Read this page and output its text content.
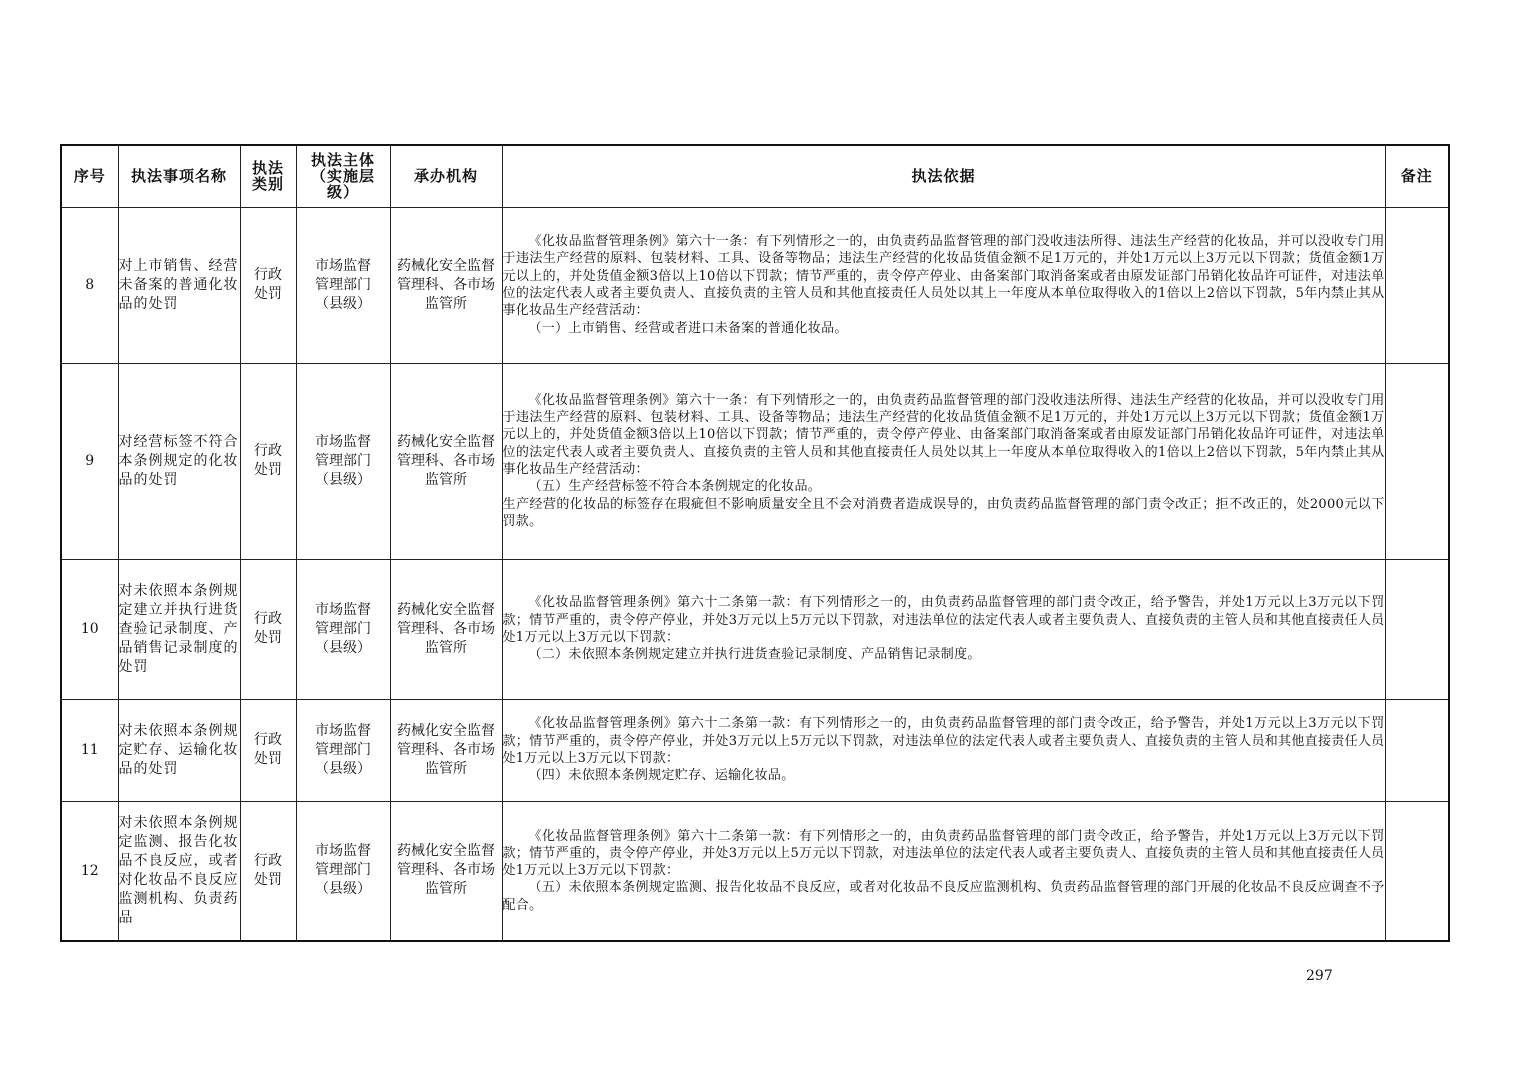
序号	执法事项名称	执法类别	执法主体（实施层级）	承办机构	执法依据	备注
8	对上市销售、经营未备案的普通化妆品的处罚	行政处罚	市场监督管理部门（县级）	药械化安全监督管理科、各市场监管所	《化妆品监督管理条例》第六十一条：有下列情形之一的，由负责药品监督管理的部门没收违法所得、违法生产经营的化妆品，并可以没收专门用于违法生产经营的原料、包装材料、工具、设备等物品；违法生产经营的化妆品货值金额不足1万元的，并处1万元以上3万元以下罚款；货值金额1万元以上的，并处货值金额3倍以上10倍以下罚款；情节严重的，责令停产停业、由备案部门取消备案或者由原发证部门吊销化妆品许可证件，对违法单位的法定代表人或者主要负责人、直接负责的主管人员和其他直接责任人员处以其上一年度从本单位取得收入的1倍以上2倍以下罚款，5年内禁止其从事化妆品生产经营活动：

（一）上市销售、经营或者进口未备案的普通化妆品。	

9	对经营标签不符合本条例规定的化妆品的处罚	行政处罚	市场监督管理部门（县级）	药械化安全监督管理科、各市场监管所	《化妆品监督管理条例》第六十一条：有下列情形之一的，由负责药品监督管理的部门没收违法所得、违法生产经营的化妆品，并可以没收专门用于违法生产经营的原料、包装材料、工具、设备等物品；违法生产经营的化妆品货值金额不足1万元的，并处1万元以上3万元以下罚款；货值金额1万元以上的，并处货值金额3倍以上10倍以下罚款；情节严重的，责令停产停业、由备案部门取消备案或者由原发证部门吊销化妆品许可证件，对违法单位的法定代表人或者主要负责人、直接负责的主管人员和其他直接责任人员处以其上一年度从本单位取得收入的1倍以上2倍以下罚款，5年内禁止其从事化妆品生产经营活动：

（五）生产经营标签不符合本条例规定的化妆品。

生产经营的化妆品的标签存在瑕疵但不影响质量安全且不会对消费者造成误导的，由负责药品监督管理的部门责令改正；拒不改正的，处2000元以下罚款。	

10	对未依照本条例规定建立并执行进货查验记录制度、产品销售记录制度的处罚	行政处罚	市场监督管理部门（县级）	药械化安全监督管理科、各市场监管所	《化妆品监督管理条例》第六十二条第一款：有下列情形之一的，由负责药品监督管理的部门责令改正，给予警告，并处1万元以上3万元以下罚款；情节严重的，责令停产停业，并处3万元以上5万元以下罚款，对违法单位的法定代表人或者主要负责人、直接负责的主管人员和其他直接责任人员处1万元以上3万元以下罚款：

（二）未依照本条例规定建立并执行进货查验记录制度、产品销售记录制度。	

11	对未依照本条例规定贮存、运输化妆品的处罚	行政处罚	市场监督管理部门（县级）	药械化安全监督管理科、各市场监管所	《化妆品监督管理条例》第六十二条第一款：有下列情形之一的，由负责药品监督管理的部门责令改正，给予警告，并处1万元以上3万元以下罚款；情节严重的，责令停产停业，并处3万元以上5万元以下罚款，对违法单位的法定代表人或者主要负责人、直接负责的主管人员和其他直接责任人员处1万元以上3万元以下罚款：

（四）未依照本条例规定贮存、运输化妆品。	

12	对未依照本条例规定监测、报告化妆品不良反应，或者对化妆品不良反应监测机构、负责药品	行政处罚	市场监督管理部门（县级）	药械化安全监督管理科、各市场监管所	《化妆品监督管理条例》第六十二条第一款：有下列情形之一的，由负责药品监督管理的部门责令改正，给予警告，并处1万元以上3万元以下罚款；情节严重的，责令停产停业，并处3万元以上5万元以下罚款，对违法单位的法定代表人或者主要负责人、直接负责的主管人员和其他直接责任人员处1万元以上3万元以下罚款：

（五）未依照本条例规定监测、报告化妆品不良反应，或者对化妆品不良反应监测机构、负责药品监督管理的部门开展的化妆品不良反应调查不予配合。	

297
